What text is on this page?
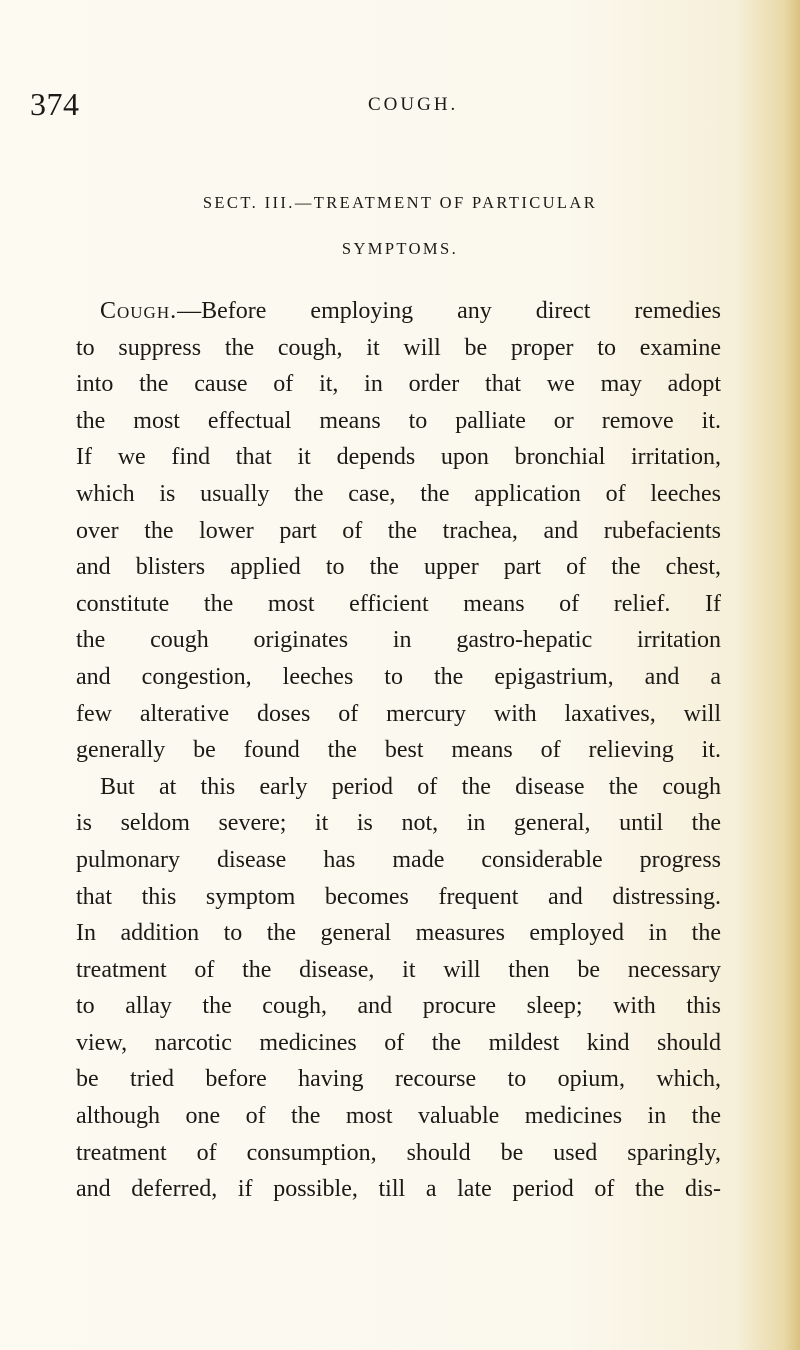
374	COUGH.
SECT. III.—TREATMENT OF PARTICULAR
SYMPTOMS.
Cough.—Before employing any direct remedies
to suppress the cough, it will be proper to examine
into the cause of it, in order that we may adopt
the most effectual means to palliate or remove it.
If we find that it depends upon bronchial irritation,
which is usually the case, the application of leeches
over the lower part of the trachea, and rubefacients
and blisters applied to the upper part of the chest,
constitute the most efficient means of relief. If
the cough originates in gastro-hepatic irritation
and congestion, leeches to the epigastrium, and a
few alterative doses of mercury with laxatives, will
generally be found the best means of relieving it.
But at this early period of the disease the cough
is seldom severe; it is not, in general, until the
pulmonary disease has made considerable progress
that this symptom becomes frequent and distressing.
In addition to the general measures employed in the
treatment of the disease, it will then be necessary
to allay the cough, and procure sleep; with this
view, narcotic medicines of the mildest kind should
be tried before having recourse to opium, which,
although one of the most valuable medicines in the
treatment of consumption, should be used sparingly,
and deferred, if possible, till a late period of the dis-
